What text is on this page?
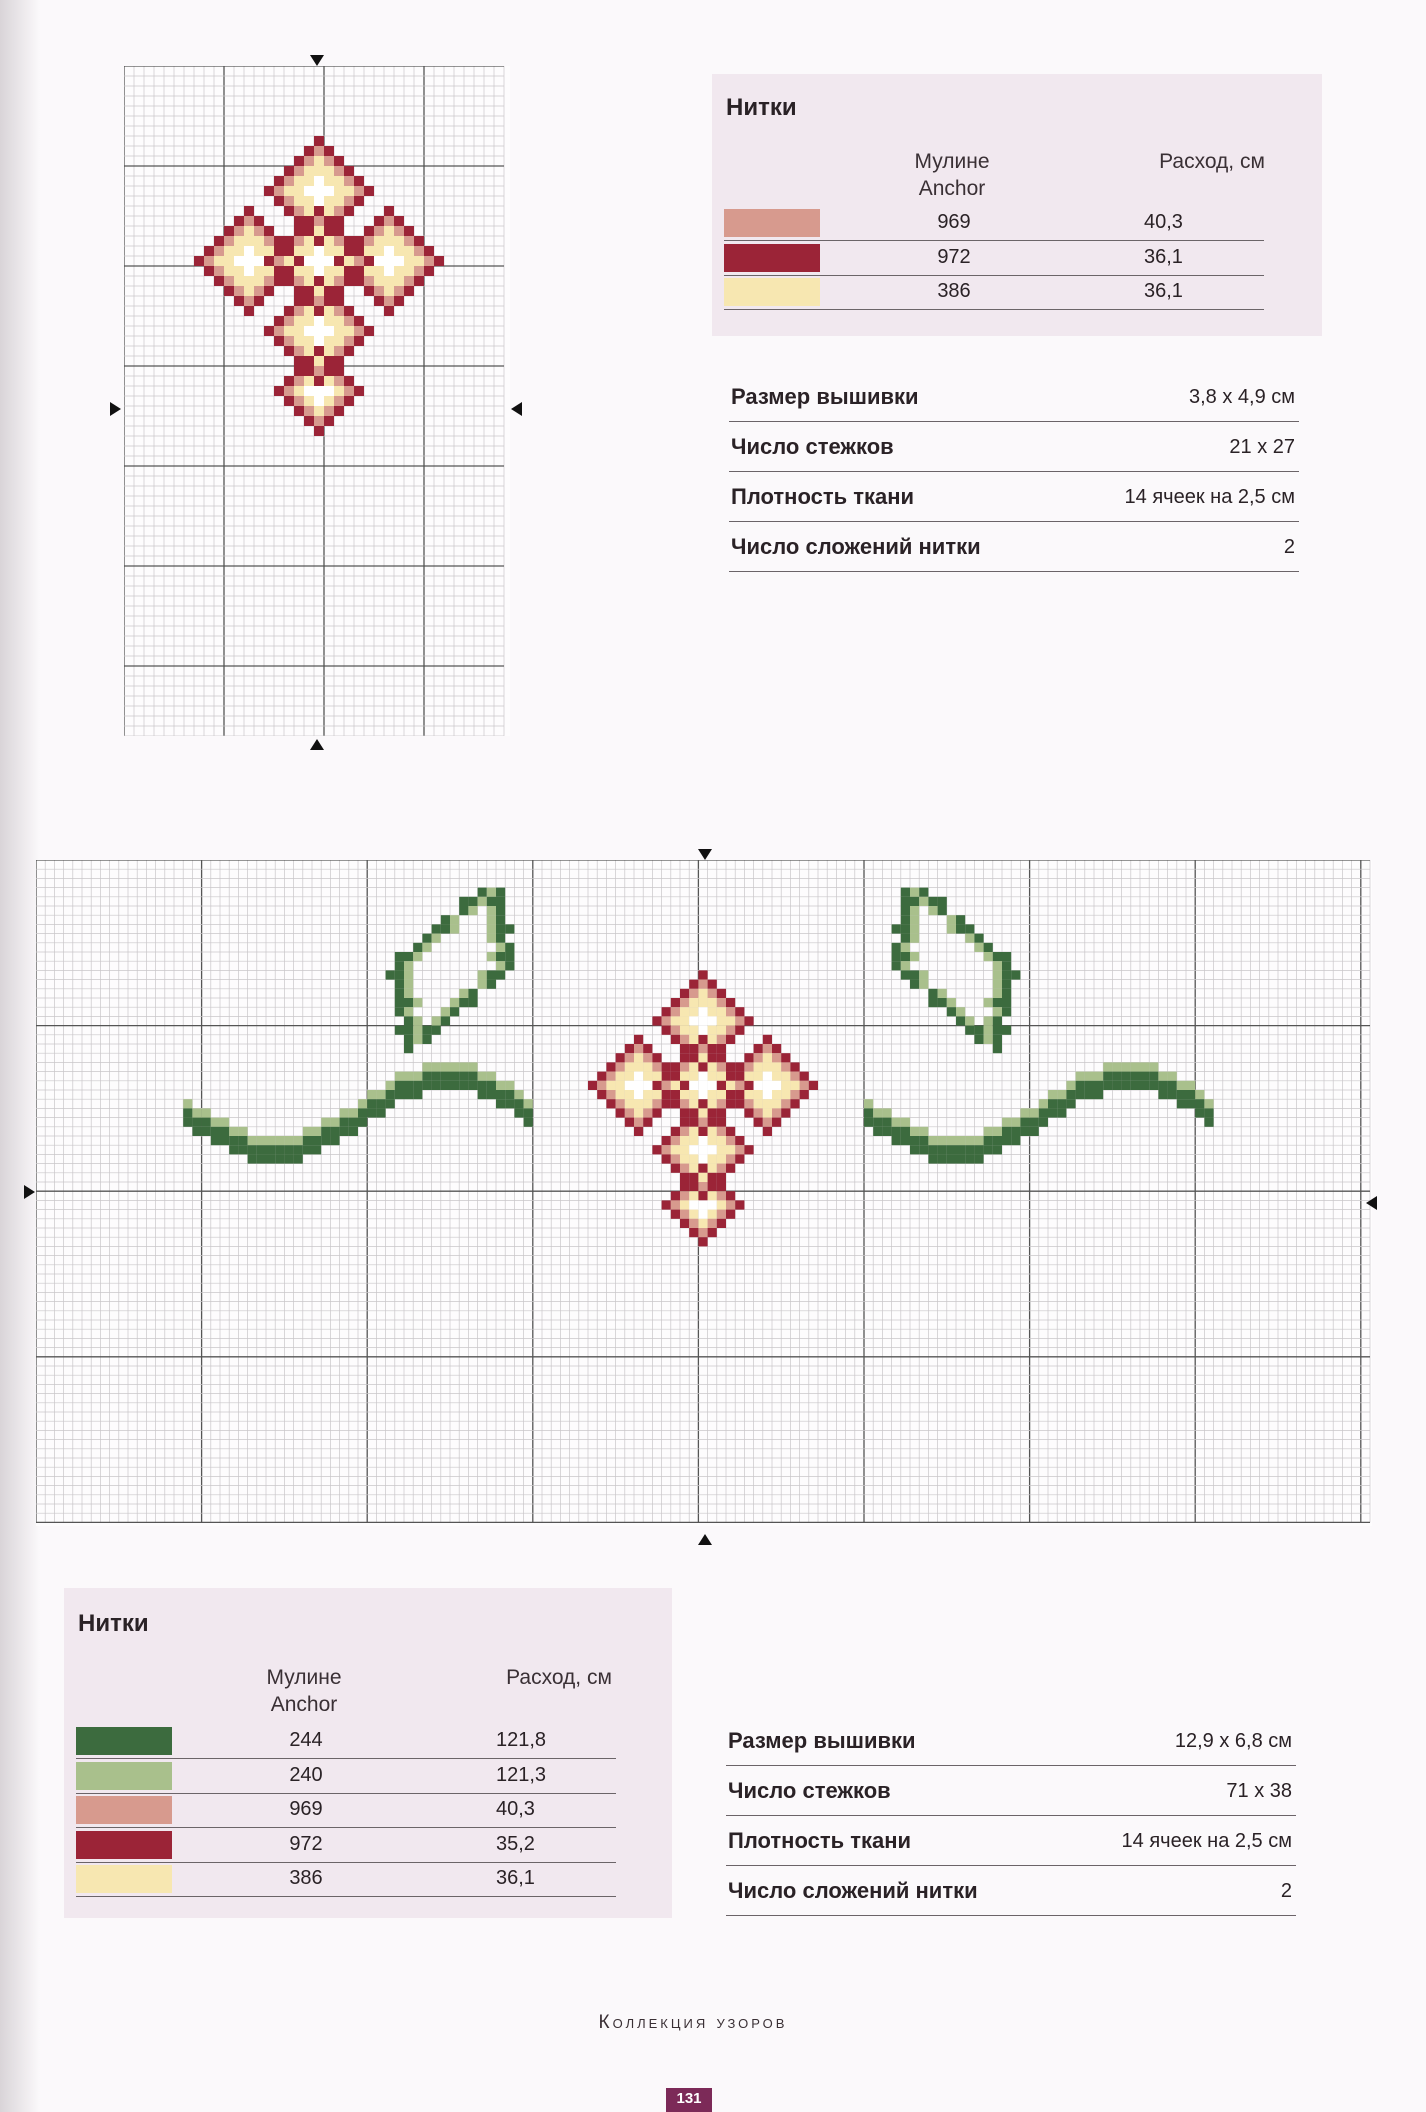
Нитки
Мулине
Anchor
Расход, см
969	40,3
972	36,1
386	36,1
Размер вышивки	3,8 х 4,9 см
Число стежков	21 х 27
Плотность ткани	14 ячеек на 2,5 см
Число сложений нитки	2
Нитки
Мулине
Anchor
Расход, см
244	121,8
240	121,3
969	40,3
972	35,2
386	36,1
Размер вышивки	12,9 х 6,8 см
Число стежков	71 х 38
Плотность ткани	14 ячеек на 2,5 см
Число сложений нитки	2
Коллекция узоров
131
